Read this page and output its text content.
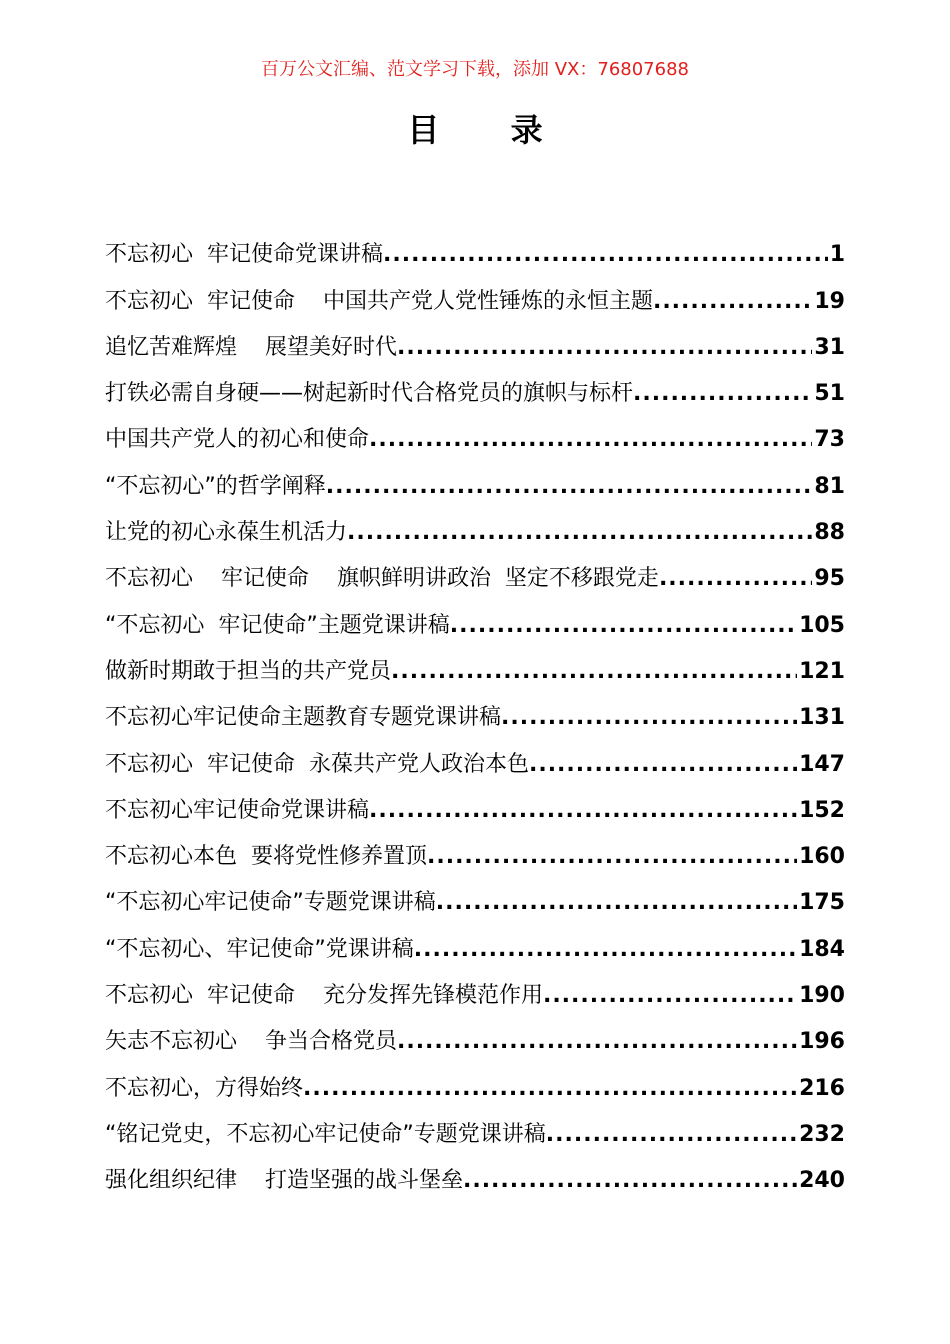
百万公文汇编、范文学习下载，添加 VX：76807688
目 录
不忘初心  牢记使命党课讲稿 .....	1
不忘初心  牢记使命    中国共产党人党性锤炼的永恒主题 .....	19
追忆苦难辉煌    展望美好时代 .....	31
打铁必需自身硬——树起新时代合格党员的旗帜与标杆 .....	51
中国共产党人的初心和使命 .....	73
“不忘初心”的哲学阐释 .....	81
让党的初心永葆生机活力 .....	88
不忘初心    牢记使命    旗帜鲜明讲政治  坚定不移跟党走 .....	95
“不忘初心  牢记使命”主题党课讲稿 .....	105
做新时期敢于担当的共产党员 .....	121
不忘初心牢记使命主题教育专题党课讲稿 .....	131
不忘初心  牢记使命  永葆共产党人政治本色 .....	147
不忘初心牢记使命党课讲稿 .....	152
不忘初心本色  要将党性修养置顶 .....	160
“不忘初心牢记使命”专题党课讲稿 .....	175
“不忘初心、牢记使命”党课讲稿 .....	184
不忘初心  牢记使命    充分发挥先锋模范作用 .....	190
矢志不忘初心    争当合格党员 .....	196
不忘初心，方得始终 .....	216
“铭记党史，不忘初心牢记使命”专题党课讲稿 .....	232
强化组织纪律    打造坚强的战斗堡垒 .....	240
